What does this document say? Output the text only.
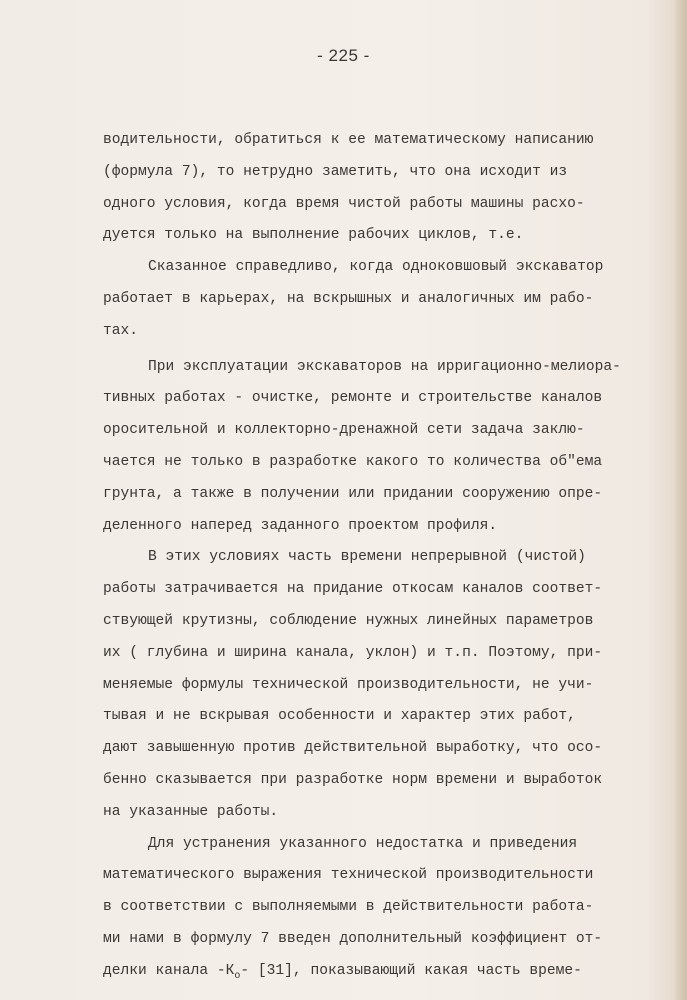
- 225 -
водительности, обратиться к ее математическому написанию
(формула 7), то нетрудно заметить, что она исходит из
одного условия, когда время чистой работы машины расхо-
дуется только на выполнение рабочих циклов, т.е.
Сказанное справедливо, когда одноковшовый экскаватор
работает в карьерах, на вскрышных и аналогичных им рабо-
тах.
При эксплуатации экскаваторов на ирригационно-мелиора-
тивных работах - очистке, ремонте и строительстве каналов
оросительной и коллекторно-дренажной сети задача заклю-
чается не только в разработке какого то количества об"ема
грунта, а также в получении или придании сооружению опре-
деленного наперед заданного проектом профиля.
В этих условиях часть времени непрерывной (чистой)
работы затрачивается на придание откосам каналов соответ-
ствующей крутизны, соблюдение нужных линейных параметров
их ( глубина и ширина канала, уклон) и т.п. Поэтому, при-
меняемые формулы технической производительности, не учи-
тывая и не вскрывая особенности и характер этих работ,
дают завышенную против действительной выработку, что осо-
бенно сказывается при разработке норм времени и выработок
на указанные работы.
Для устранения указанного недостатка и приведения
математического выражения технической производительности
в соответствии с выполняемыми в действительности работа-
ми нами в формулу 7 введен дополнительный коэффициент от-
делки канала $-К_о-$ [31], показывающий какая часть време-
